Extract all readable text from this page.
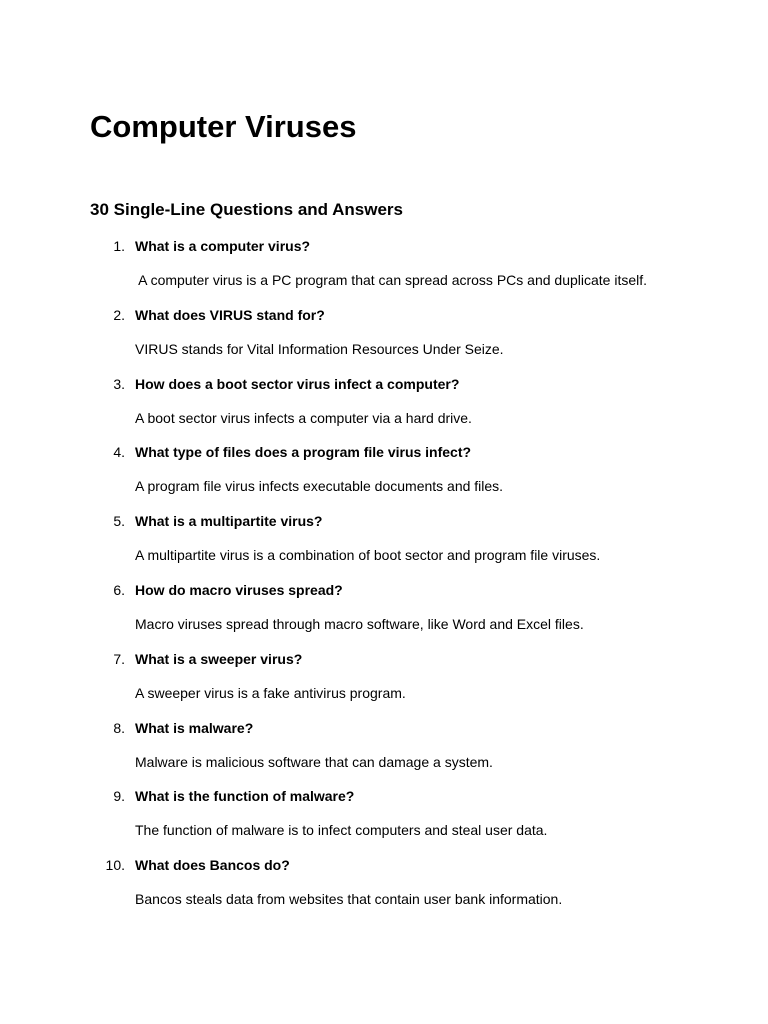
Computer Viruses
30 Single-Line Questions and Answers
1. What is a computer virus?
A computer virus is a PC program that can spread across PCs and duplicate itself.
2. What does VIRUS stand for?
VIRUS stands for Vital Information Resources Under Seize.
3. How does a boot sector virus infect a computer?
A boot sector virus infects a computer via a hard drive.
4. What type of files does a program file virus infect?
A program file virus infects executable documents and files.
5. What is a multipartite virus?
A multipartite virus is a combination of boot sector and program file viruses.
6. How do macro viruses spread?
Macro viruses spread through macro software, like Word and Excel files.
7. What is a sweeper virus?
A sweeper virus is a fake antivirus program.
8. What is malware?
Malware is malicious software that can damage a system.
9. What is the function of malware?
The function of malware is to infect computers and steal user data.
10. What does Bancos do?
Bancos steals data from websites that contain user bank information.
